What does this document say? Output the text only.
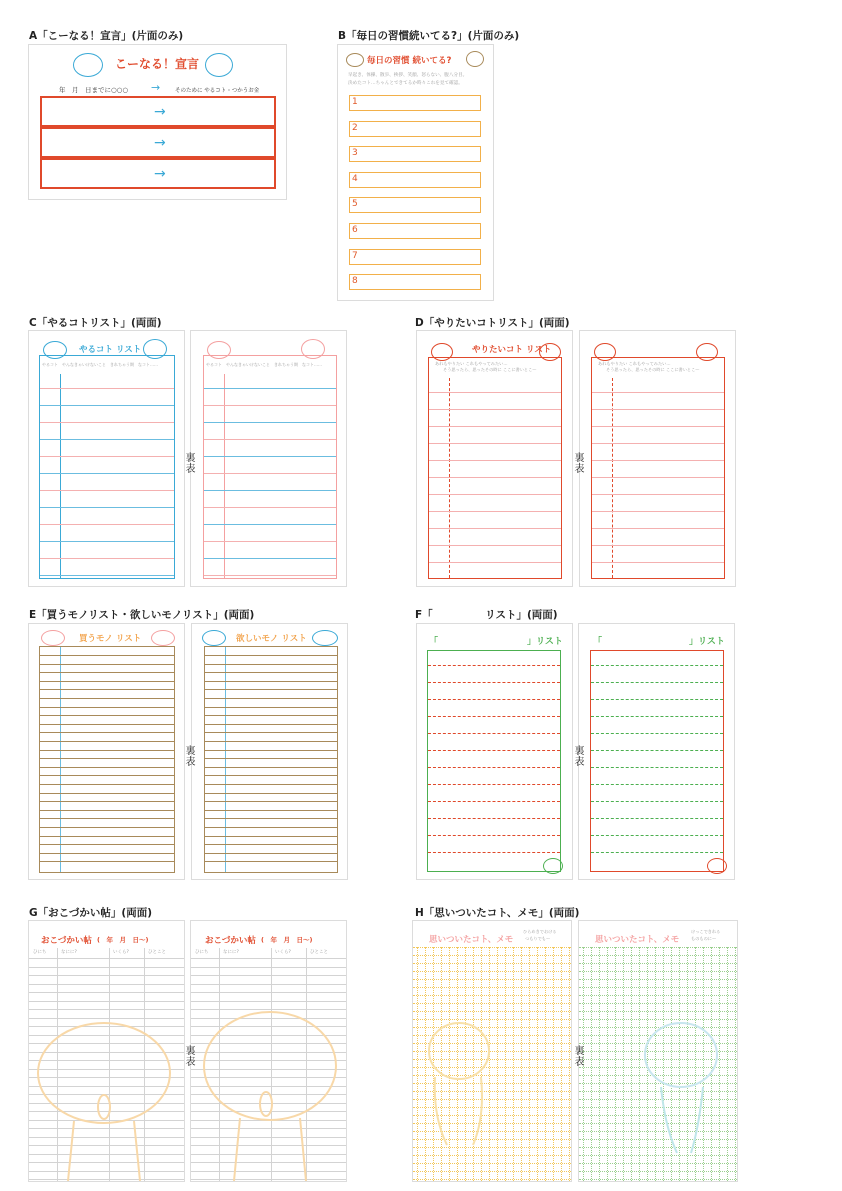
A「こーなる！宣言」(片面のみ)	B「毎日の習慣続いてる?」(片面のみ)
C「やるコトリスト」(両面)	D「やりたいコトリスト」(両面)
E「買うモノリスト・欲しいモノリスト」(両面)	F「　　　　　リスト」(両面)
G「おこづかい帖」(両面)	H「思いついたコト、メモ」(両面)
こーなる！宣言
年　月　日までに○○○ →	そのために やるコト・つかうお金
→
→
→
毎日の習慣 続いてる?
早起き、体操、散歩、挨拶、笑顔、怒らない、腹八分目。
決めたコト…ちゃんとできてるか時々これを見て確認。
1
2
3
4
5
6
7
8
やるコト リスト
やるコト　やんなきゃいけないこと　きれちゃう期　なコト……	やるコト　やんなきゃいけないこと　きれちゃう期　なコト……
裏表
やりたいコト リスト
あれもやりたい これもやってみたい…
そう思ったら、思ったその時に ここに書いとこ〜
あれもやりたい これもやってみたい…
そう思ったら、思ったその時に ここに書いとこ〜
裏表
買うモノ リスト	欲しいモノ リスト
裏表
「	」リスト	「	」リスト
裏表
おこづかい帖 (　年　月　日〜)
ひにち	なにに?	いくら?	ひとこと
おこづかい帖 (　年　月　日〜)
ひにち	なにに?	いくら?	ひとこと
裏表
思いついたコト、メモ
ひらめきでおける
つもりでも〜	思いついたコト、メモ
けっこできれる
ものものに〜
裏表
